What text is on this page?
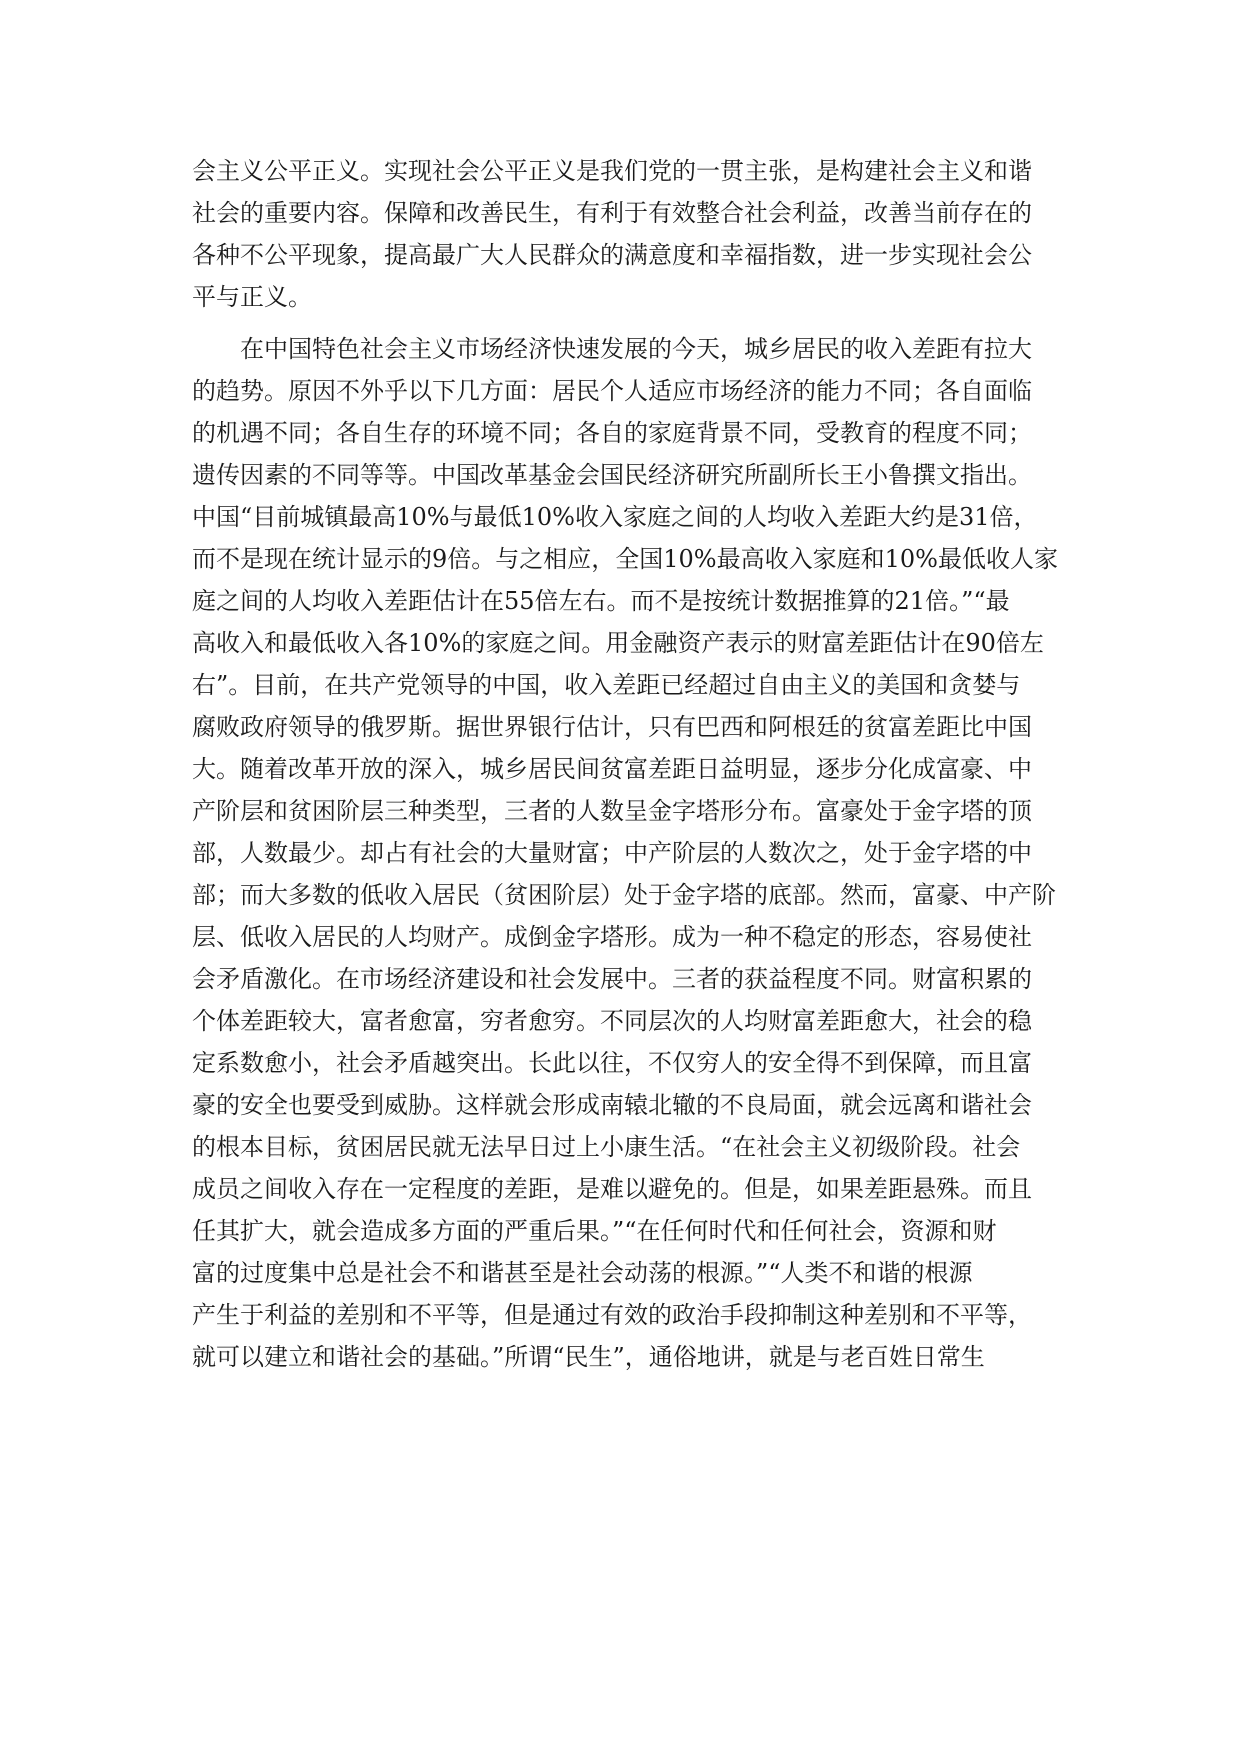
会主义公平正义。实现社会公平正义是我们党的一贯主张，是构建社会主义和谐
社会的重要内容。保障和改善民生，有利于有效整合社会利益，改善当前存在的
各种不公平现象，提高最广大人民群众的满意度和幸福指数，进一步实现社会公
平与正义。
在中国特色社会主义市场经济快速发展的今天，城乡居民的收入差距有拉大
的趋势。原因不外乎以下几方面：居民个人适应市场经济的能力不同；各自面临
的机遇不同；各自生存的环境不同；各自的家庭背景不同，受教育的程度不同；
遗传因素的不同等等。中国改革基金会国民经济研究所副所长王小鲁撰文指出。
中国“目前城镇最高10%与最低10%收入家庭之间的人均收入差距大约是31倍，
而不是现在统计显示的9倍。与之相应，全国10%最高收入家庭和10%最低收人家
庭之间的人均收入差距估计在55倍左右。而不是按统计数据推算的21倍。”“最
高收入和最低收入各10%的家庭之间。用金融资产表示的财富差距估计在90倍左
右”。目前，在共产党领导的中国，收入差距已经超过自由主义的美国和贪婪与
腐败政府领导的俄罗斯。据世界银行估计，只有巴西和阿根廷的贫富差距比中国
大。随着改革开放的深入，城乡居民间贫富差距日益明显，逐步分化成富豪、中
产阶层和贫困阶层三种类型，三者的人数呈金字塔形分布。富豪处于金字塔的顶
部，人数最少。却占有社会的大量财富；中产阶层的人数次之，处于金字塔的中
部；而大多数的低收入居民（贫困阶层）处于金字塔的底部。然而，富豪、中产阶
层、低收入居民的人均财产。成倒金字塔形。成为一种不稳定的形态，容易使社
会矛盾激化。在市场经济建设和社会发展中。三者的获益程度不同。财富积累的
个体差距较大，富者愈富，穷者愈穷。不同层次的人均财富差距愈大，社会的稳
定系数愈小，社会矛盾越突出。长此以往，不仅穷人的安全得不到保障，而且富
豪的安全也要受到威胁。这样就会形成南辕北辙的不良局面，就会远离和谐社会
的根本目标，贫困居民就无法早日过上小康生活。“在社会主义初级阶段。社会
成员之间收入存在一定程度的差距，是难以避免的。但是，如果差距悬殊。而且
任其扩大，就会造成多方面的严重后果。”“在任何时代和任何社会，资源和财
富的过度集中总是社会不和谐甚至是社会动荡的根源。”“人类不和谐的根源
产生于利益的差别和不平等，但是通过有效的政治手段抑制这种差别和不平等，
就可以建立和谐社会的基础。”所谓“民生”，通俗地讲，就是与老百姓日常生
